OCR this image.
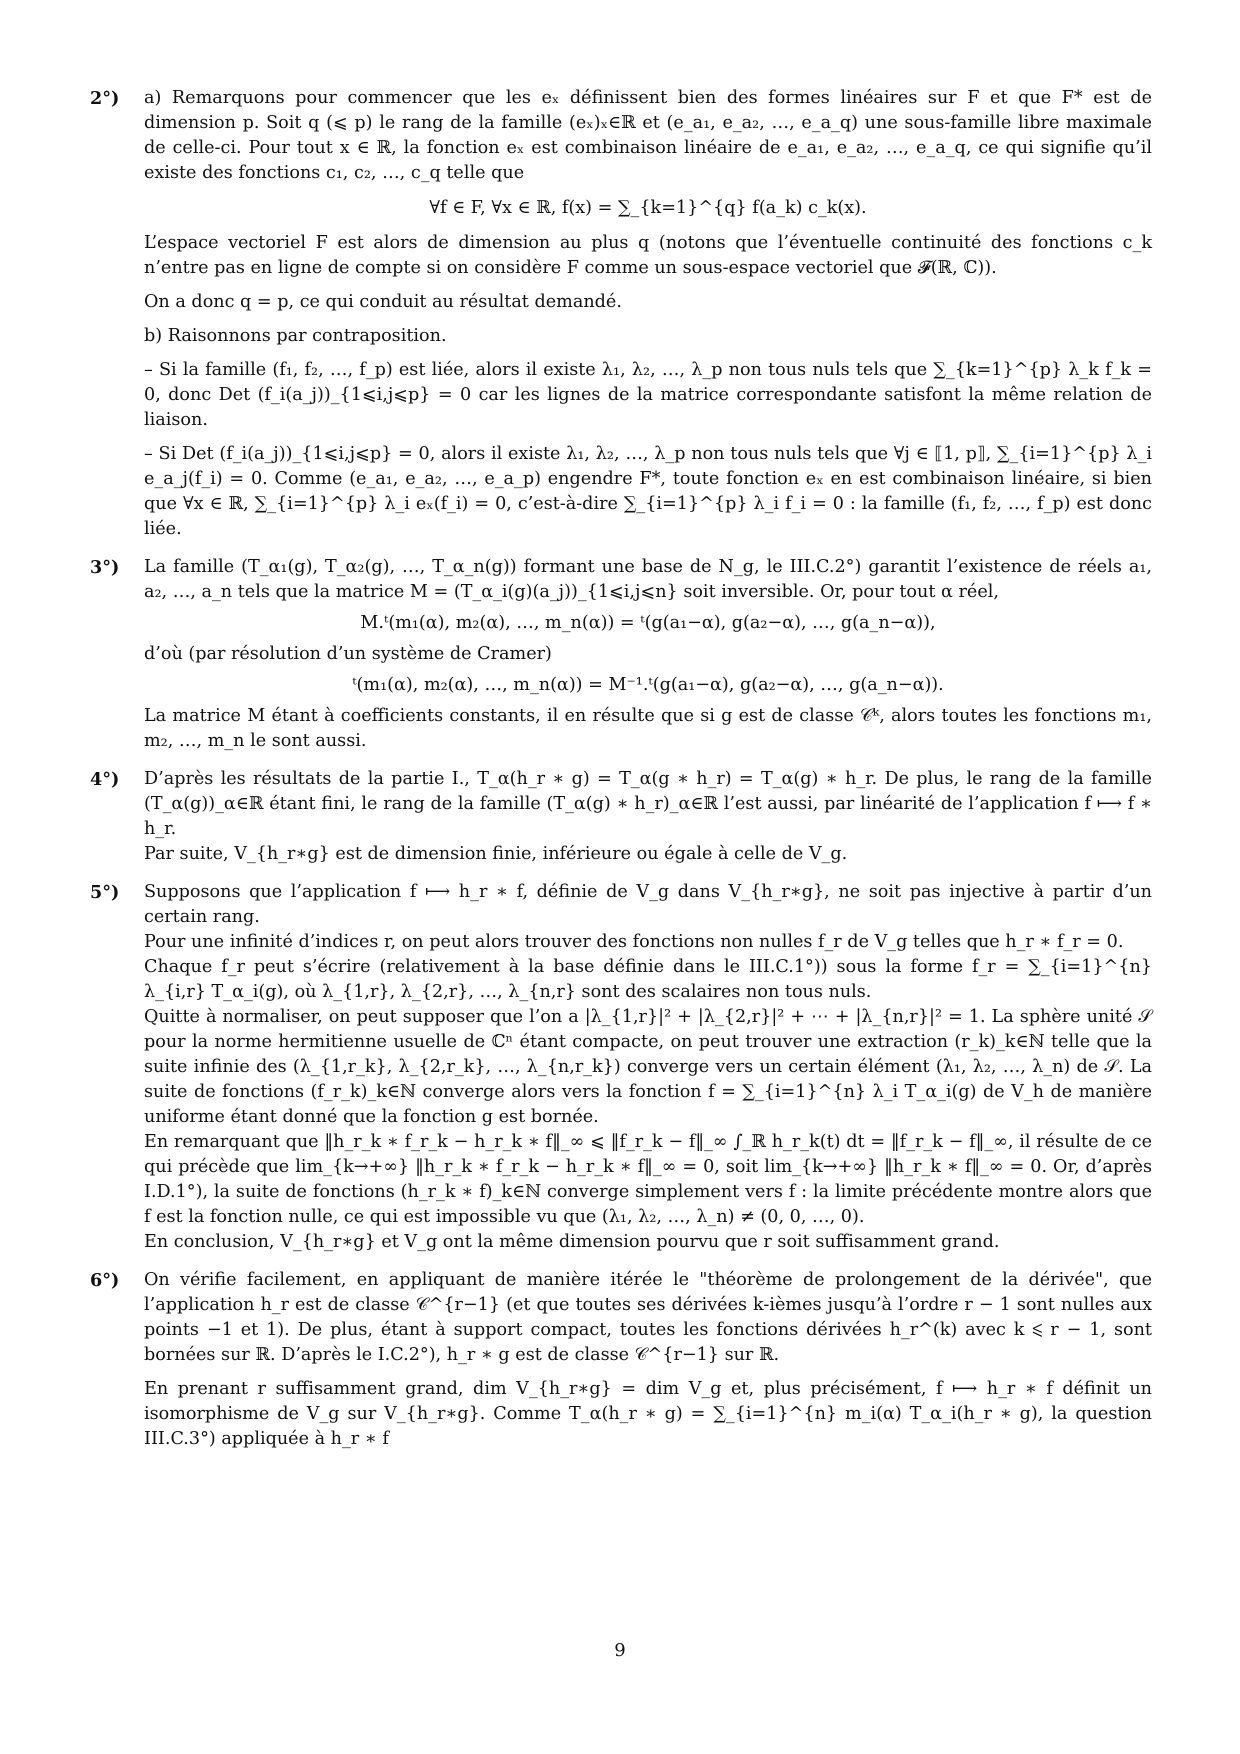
2°) a) Remarquons pour commencer que les eₓ définissent bien des formes linéaires sur F et que F* est de dimension p. Soit q (⩽ p) le rang de la famille (eₓ)ₓ∈ℝ et (e_a₁, e_a₂, …, e_a_q) une sous-famille libre maximale de celle-ci. Pour tout x ∈ ℝ, la fonction eₓ est combinaison linéaire de e_a₁, e_a₂, …, e_a_q, ce qui signifie qu’il existe des fonctions c₁, c₂, …, c_q telle que

∀f ∈ F, ∀x ∈ ℝ, f(x) = ∑_{k=1}^{q} f(a_k) c_k(x).

L’espace vectoriel F est alors de dimension au plus q (notons que l’éventuelle continuité des fonctions c_k n’entre pas en ligne de compte si on considère F comme un sous-espace vectoriel que 𝓕(ℝ, ℂ)).

On a donc q = p, ce qui conduit au résultat demandé.

b) Raisonnons par contraposition.

– Si la famille (f₁, f₂, …, f_p) est liée, alors il existe λ₁, λ₂, …, λ_p non tous nuls tels que ∑_{k=1}^{p} λ_k f_k = 0, donc Det (f_i(a_j))_{1⩽i,j⩽p} = 0 car les lignes de la matrice correspondante satisfont la même relation de liaison.

– Si Det (f_i(a_j))_{1⩽i,j⩽p} = 0, alors il existe λ₁, λ₂, …, λ_p non tous nuls tels que ∀j ∈ ⟦1, p⟧, ∑_{i=1}^{p} λ_i e_a_j(f_i) = 0. Comme (e_a₁, e_a₂, …, e_a_p) engendre F*, toute fonction eₓ en est combinaison linéaire, si bien que ∀x ∈ ℝ, ∑_{i=1}^{p} λ_i eₓ(f_i) = 0, c’est-à-dire ∑_{i=1}^{p} λ_i f_i = 0 : la famille (f₁, f₂, …, f_p) est donc liée.

3°) La famille (T_α₁(g), T_α₂(g), …, T_α_n(g)) formant une base de N_g, le III.C.2°) garantit l’existence de réels a₁, a₂, …, a_n tels que la matrice M = (T_α_i(g)(a_j))_{1⩽i,j⩽n} soit inversible. Or, pour tout α réel,

M.ᵗ(m₁(α), m₂(α), …, m_n(α)) = ᵗ(g(a₁−α), g(a₂−α), …, g(a_n−α)),

d’où (par résolution d’un système de Cramer)

ᵗ(m₁(α), m₂(α), …, m_n(α)) = M⁻¹.ᵗ(g(a₁−α), g(a₂−α), …, g(a_n−α)).

La matrice M étant à coefficients constants, il en résulte que si g est de classe 𝒞ᵏ, alors toutes les fonctions m₁, m₂, …, m_n le sont aussi.

4°) D’après les résultats de la partie I., T_α(h_r ∗ g) = T_α(g ∗ h_r) = T_α(g) ∗ h_r. De plus, le rang de la famille (T_α(g))_α∈ℝ étant fini, le rang de la famille (T_α(g) ∗ h_r)_α∈ℝ l’est aussi, par linéarité de l’application f ⟼ f ∗ h_r.

Par suite, V_{h_r∗g} est de dimension finie, inférieure ou égale à celle de V_g.

5°) Supposons que l’application f ⟼ h_r ∗ f, définie de V_g dans V_{h_r∗g}, ne soit pas injective à partir d’un certain rang.

Pour une infinité d’indices r, on peut alors trouver des fonctions non nulles f_r de V_g telles que h_r ∗ f_r = 0.

Chaque f_r peut s’écrire (relativement à la base définie dans le III.C.1°)) sous la forme f_r = ∑_{i=1}^{n} λ_{i,r} T_α_i(g), où λ_{1,r}, λ_{2,r}, …, λ_{n,r} sont des scalaires non tous nuls.

Quitte à normaliser, on peut supposer que l’on a |λ_{1,r}|² + |λ_{2,r}|² + ⋯ + |λ_{n,r}|² = 1. La sphère unité 𝒮 pour la norme hermitienne usuelle de ℂⁿ étant compacte, on peut trouver une extraction (r_k)_k∈ℕ telle que la suite infinie des (λ_{1,r_k}, λ_{2,r_k}, …, λ_{n,r_k}) converge vers un certain élément (λ₁, λ₂, …, λ_n) de 𝒮. La suite de fonctions (f_r_k)_k∈ℕ converge alors vers la fonction f = ∑_{i=1}^{n} λ_i T_α_i(g) de V_h de manière uniforme étant donné que la fonction g est bornée.

En remarquant que ‖h_r_k ∗ f_r_k − h_r_k ∗ f‖_∞ ⩽ ‖f_r_k − f‖_∞ ∫_ℝ h_r_k(t) dt = ‖f_r_k − f‖_∞, il résulte de ce qui précède que lim_{k→+∞} ‖h_r_k ∗ f_r_k − h_r_k ∗ f‖_∞ = 0, soit lim_{k→+∞} ‖h_r_k ∗ f‖_∞ = 0. Or, d’après I.D.1°), la suite de fonctions (h_r_k ∗ f)_k∈ℕ converge simplement vers f : la limite précédente montre alors que f est la fonction nulle, ce qui est impossible vu que (λ₁, λ₂, …, λ_n) ≠ (0, 0, …, 0).

En conclusion, V_{h_r∗g} et V_g ont la même dimension pourvu que r soit suffisamment grand.

6°) On vérifie facilement, en appliquant de manière itérée le "théorème de prolongement de la dérivée", que l’application h_r est de classe 𝒞^{r−1} (et que toutes ses dérivées k-ièmes jusqu’à l’ordre r − 1 sont nulles aux points −1 et 1). De plus, étant à support compact, toutes les fonctions dérivées h_r^(k) avec k ⩽ r − 1, sont bornées sur ℝ. D’après le I.C.2°), h_r ∗ g est de classe 𝒞^{r−1} sur ℝ.

En prenant r suffisamment grand, dim V_{h_r∗g} = dim V_g et, plus précisément, f ⟼ h_r ∗ f définit un isomorphisme de V_g sur V_{h_r∗g}. Comme T_α(h_r ∗ g) = ∑_{i=1}^{n} m_i(α) T_α_i(h_r ∗ g), la question III.C.3°) appliquée à h_r ∗ f

9
